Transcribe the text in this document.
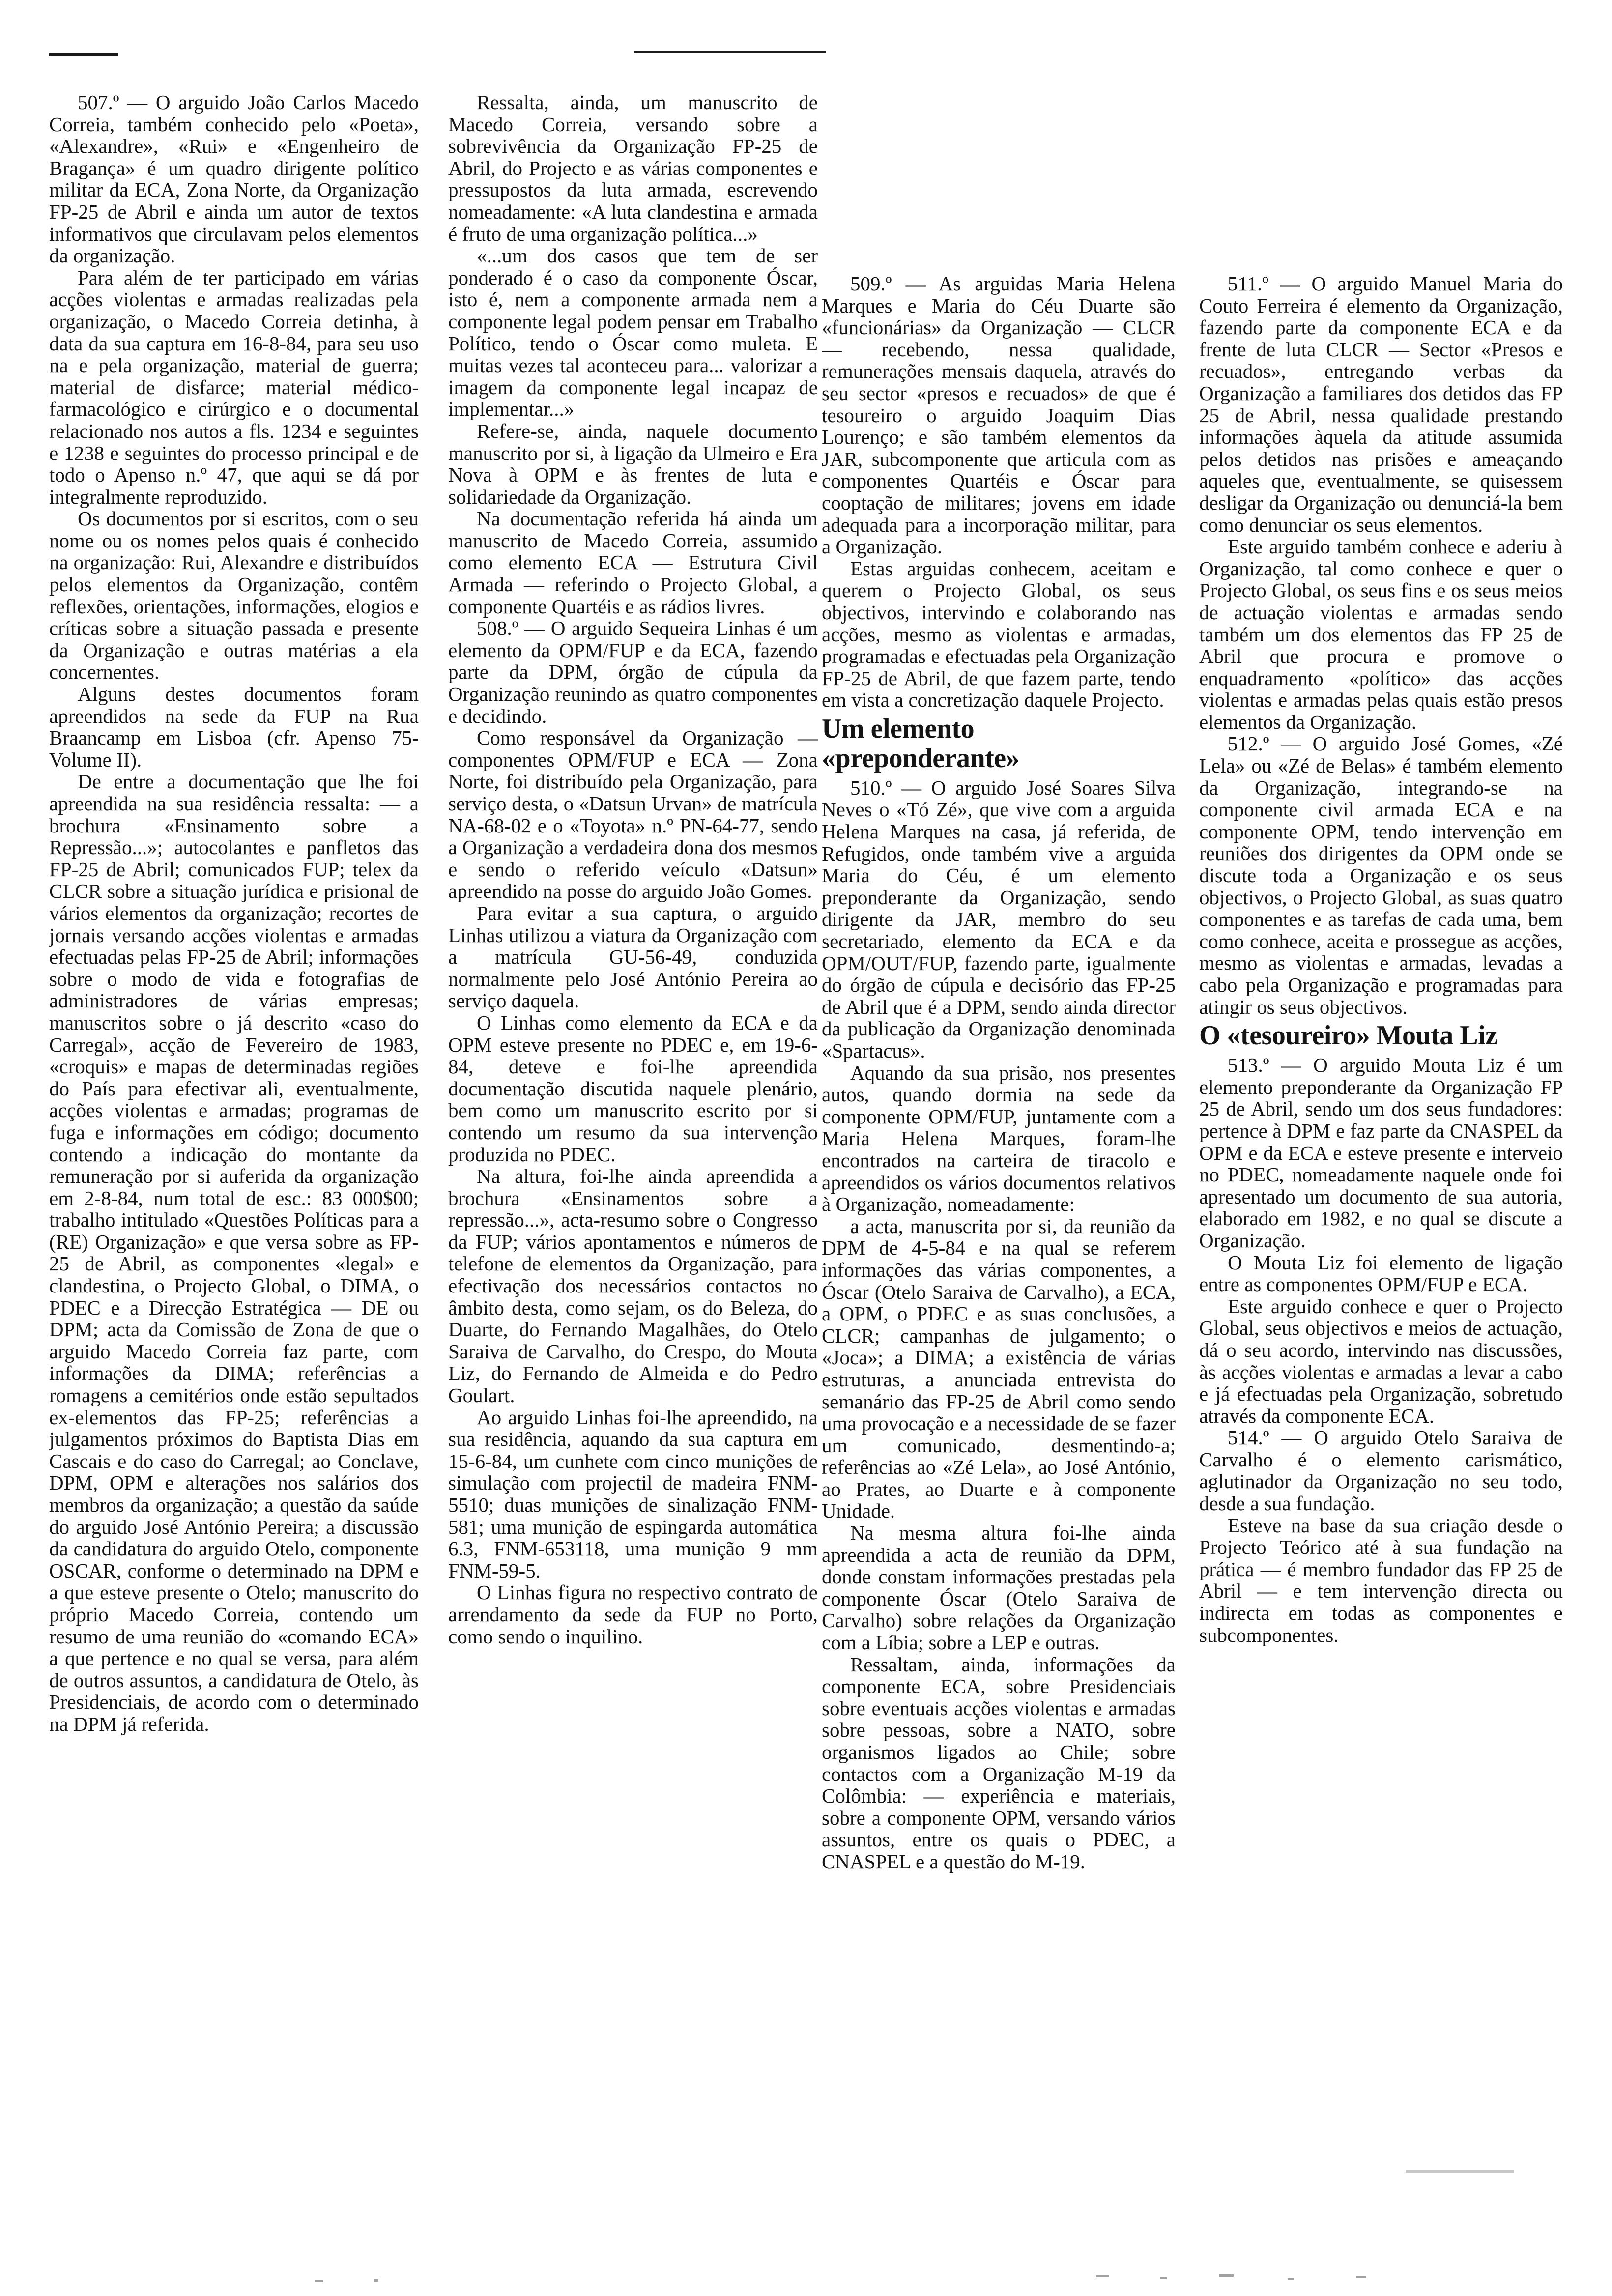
507.º — O arguido João Carlos Macedo Correia, também conhecido pelo «Poeta», «Alexandre», «Rui» e «Engenheiro de Bragança» é um quadro dirigente político militar da ECA, Zona Norte, da Organização FP-25 de Abril e ainda um autor de textos informativos que circulavam pelos elementos da organização.

Para além de ter participado em várias acções violentas e armadas realizadas pela organização, o Macedo Correia detinha, à data da sua captura em 16-8-84, para seu uso na e pela organização, material de guerra; material de disfarce; material médico-farmacológico e cirúrgico e o documental relacionado nos autos a fls. 1234 e seguintes e 1238 e seguintes do processo principal e de todo o Apenso n.º 47, que aqui se dá por integralmente reproduzido.

Os documentos por si escritos, com o seu nome ou os nomes pelos quais é conhecido na organização: Rui, Alexandre e distribuídos pelos elementos da Organização, contêm reflexões, orientações, informações, elogios e críticas sobre a situação passada e presente da Organização e outras matérias a ela concernentes.

Alguns destes documentos foram apreendidos na sede da FUP na Rua Braancamp em Lisboa (cfr. Apenso 75-Volume II).

De entre a documentação que lhe foi apreendida na sua residência ressalta: — a brochura «Ensinamento sobre a Repressão...»; autocolantes e panfletos das FP-25 de Abril; comunicados FUP; telex da CLCR sobre a situação jurídica e prisional de vários elementos da organização; recortes de jornais versando acções violentas e armadas efectuadas pelas FP-25 de Abril; informações sobre o modo de vida e fotografias de administradores de várias empresas; manuscritos sobre o já descrito «caso do Carregal», acção de Fevereiro de 1983, «croquis» e mapas de determinadas regiões do País para efectivar ali, eventualmente, acções violentas e armadas; programas de fuga e informações em código; documento contendo a indicação do montante da remuneração por si auferida da organização em 2-8-84, num total de esc.: 83 000$00; trabalho intitulado «Questões Políticas para a (RE) Organização» e que versa sobre as FP-25 de Abril, as componentes «legal» e clandestina, o Projecto Global, o DIMA, o PDEC e a Direcção Estratégica — DE ou DPM; acta da Comissão de Zona de que o arguido Macedo Correia faz parte, com informações da DIMA; referências a romagens a cemitérios onde estão sepultados ex-elementos das FP-25; referências a julgamentos próximos do Baptista Dias em Cascais e do caso do Carregal; ao Conclave, DPM, OPM e alterações nos salários dos membros da organização; a questão da saúde do arguido José António Pereira; a discussão da candidatura do arguido Otelo, componente OSCAR, conforme o determinado na DPM e a que esteve presente o Otelo; manuscrito do próprio Macedo Correia, contendo um resumo de uma reunião do «comando ECA» a que pertence e no qual se versa, para além de outros assuntos, a candidatura de Otelo, às Presidenciais, de acordo com o determinado na DPM já referida.

Ressalta, ainda, um manuscrito de Macedo Correia, versando sobre a sobrevivência da Organização FP-25 de Abril, do Projecto e as várias componentes e pressupostos da luta armada, escrevendo nomeadamente: «A luta clandestina e armada é fruto de uma organização política...»

«...um dos casos que tem de ser ponderado é o caso da componente Óscar, isto é, nem a componente armada nem a componente legal podem pensar em Trabalho Político, tendo o Óscar como muleta. E muitas vezes tal aconteceu para... valorizar a imagem da componente legal incapaz de implementar...»

Refere-se, ainda, naquele documento manuscrito por si, à ligação da Ulmeiro e Era Nova à OPM e às frentes de luta e solidariedade da Organização.

Na documentação referida há ainda um manuscrito de Macedo Correia, assumido como elemento ECA — Estrutura Civil Armada — referindo o Projecto Global, a componente Quartéis e as rádios livres.

508.º — O arguido Sequeira Linhas é um elemento da OPM/FUP e da ECA, fazendo parte da DPM, órgão de cúpula da Organização reunindo as quatro componentes e decidindo.

Como responsável da Organização — componentes OPM/FUP e ECA — Zona Norte, foi distribuído pela Organização, para serviço desta, o «Datsun Urvan» de matrícula NA-68-02 e o «Toyota» n.º PN-64-77, sendo a Organização a verdadeira dona dos mesmos e sendo o referido veículo «Datsun» apreendido na posse do arguido João Gomes.

Para evitar a sua captura, o arguido Linhas utilizou a viatura da Organização com a matrícula GU-56-49, conduzida normalmente pelo José António Pereira ao serviço daquela.

O Linhas como elemento da ECA e da OPM esteve presente no PDEC e, em 19-6-84, deteve e foi-lhe apreendida documentação discutida naquele plenário, bem como um manuscrito escrito por si contendo um resumo da sua intervenção produzida no PDEC.

Na altura, foi-lhe ainda apreendida a brochura «Ensinamentos sobre a repressão...», acta-resumo sobre o Congresso da FUP; vários apontamentos e números de telefone de elementos da Organização, para efectivação dos necessários contactos no âmbito desta, como sejam, os do Beleza, do Duarte, do Fernando Magalhães, do Otelo Saraiva de Carvalho, do Crespo, do Mouta Liz, do Fernando de Almeida e do Pedro Goulart.

Ao arguido Linhas foi-lhe apreendido, na sua residência, aquando da sua captura em 15-6-84, um cunhete com cinco munições de simulação com projectil de madeira FNM-5510; duas munições de sinalização FNM-581; uma munição de espingarda automática 6.3, FNM-653118, uma munição 9 mm FNM-59-5.

O Linhas figura no respectivo contrato de arrendamento da sede da FUP no Porto, como sendo o inquilino.

509.º — As arguidas Maria Helena Marques e Maria do Céu Duarte são «funcionárias» da Organização — CLCR — recebendo, nessa qualidade, remunerações mensais daquela, através do seu sector «presos e recuados» de que é tesoureiro o arguido Joaquim Dias Lourenço; e são também elementos da JAR, subcomponente que articula com as componentes Quartéis e Óscar para cooptação de militares; jovens em idade adequada para a incorporação militar, para a Organização.

Estas arguidas conhecem, aceitam e querem o Projecto Global, os seus objectivos, intervindo e colaborando nas acções, mesmo as violentas e armadas, programadas e efectuadas pela Organização FP-25 de Abril, de que fazem parte, tendo em vista a concretização daquele Projecto.

Um elemento «preponderante»

510.º — O arguido José Soares Silva Neves o «Tó Zé», que vive com a arguida Helena Marques na casa, já referida, de Refugidos, onde também vive a arguida Maria do Céu, é um elemento preponderante da Organização, sendo dirigente da JAR, membro do seu secretariado, elemento da ECA e da OPM/OUT/FUP, fazendo parte, igualmente do órgão de cúpula e decisório das FP-25 de Abril que é a DPM, sendo ainda director da publicação da Organização denominada «Spartacus».

Aquando da sua prisão, nos presentes autos, quando dormia na sede da componente OPM/FUP, juntamente com a Maria Helena Marques, foram-lhe encontrados na carteira de tiracolo e apreendidos os vários documentos relativos à Organização, nomeadamente:

a acta, manuscrita por si, da reunião da DPM de 4-5-84 e na qual se referem informações das várias componentes, a Óscar (Otelo Saraiva de Carvalho), a ECA, a OPM, o PDEC e as suas conclusões, a CLCR; campanhas de julgamento; o «Joca»; a DIMA; a existência de várias estruturas, a anunciada entrevista do semanário das FP-25 de Abril como sendo uma provocação e a necessidade de se fazer um comunicado, desmentindo-a; referências ao «Zé Lela», ao José António, ao Prates, ao Duarte e à componente Unidade.

Na mesma altura foi-lhe ainda apreendida a acta de reunião da DPM, donde constam informações prestadas pela componente Óscar (Otelo Saraiva de Carvalho) sobre relações da Organização com a Líbia; sobre a LEP e outras.

Ressaltam, ainda, informações da componente ECA, sobre Presidenciais sobre eventuais acções violentas e armadas sobre pessoas, sobre a NATO, sobre organismos ligados ao Chile; sobre contactos com a Organização M-19 da Colômbia: — experiência e materiais, sobre a componente OPM, versando vários assuntos, entre os quais o PDEC, a CNASPEL e a questão do M-19.

511.º — O arguido Manuel Maria do Couto Ferreira é elemento da Organização, fazendo parte da componente ECA e da frente de luta CLCR — Sector «Presos e recuados», entregando verbas da Organização a familiares dos detidos das FP 25 de Abril, nessa qualidade prestando informações àquela da atitude assumida pelos detidos nas prisões e ameaçando aqueles que, eventualmente, se quisessem desligar da Organização ou denunciá-la bem como denunciar os seus elementos.

Este arguido também conhece e aderiu à Organização, tal como conhece e quer o Projecto Global, os seus fins e os seus meios de actuação violentas e armadas sendo também um dos elementos das FP 25 de Abril que procura e promove o enquadramento «político» das acções violentas e armadas pelas quais estão presos elementos da Organização.

512.º — O arguido José Gomes, «Zé Lela» ou «Zé de Belas» é também elemento da Organização, integrando-se na componente civil armada ECA e na componente OPM, tendo intervenção em reuniões dos dirigentes da OPM onde se discute toda a Organização e os seus objectivos, o Projecto Global, as suas quatro componentes e as tarefas de cada uma, bem como conhece, aceita e prossegue as acções, mesmo as violentas e armadas, levadas a cabo pela Organização e programadas para atingir os seus objectivos.

O «tesoureiro» Mouta Liz

513.º — O arguido Mouta Liz é um elemento preponderante da Organização FP 25 de Abril, sendo um dos seus fundadores: pertence à DPM e faz parte da CNASPEL da OPM e da ECA e esteve presente e interveio no PDEC, nomeadamente naquele onde foi apresentado um documento de sua autoria, elaborado em 1982, e no qual se discute a Organização.

O Mouta Liz foi elemento de ligação entre as componentes OPM/FUP e ECA.

Este arguido conhece e quer o Projecto Global, seus objectivos e meios de actuação, dá o seu acordo, intervindo nas discussões, às acções violentas e armadas a levar a cabo e já efectuadas pela Organização, sobretudo através da componente ECA.

514.º — O arguido Otelo Saraiva de Carvalho é o elemento carismático, aglutinador da Organização no seu todo, desde a sua fundação.

Esteve na base da sua criação desde o Projecto Teórico até à sua fundação na prática — é membro fundador das FP 25 de Abril — e tem intervenção directa ou indirecta em todas as componentes e subcomponentes.
